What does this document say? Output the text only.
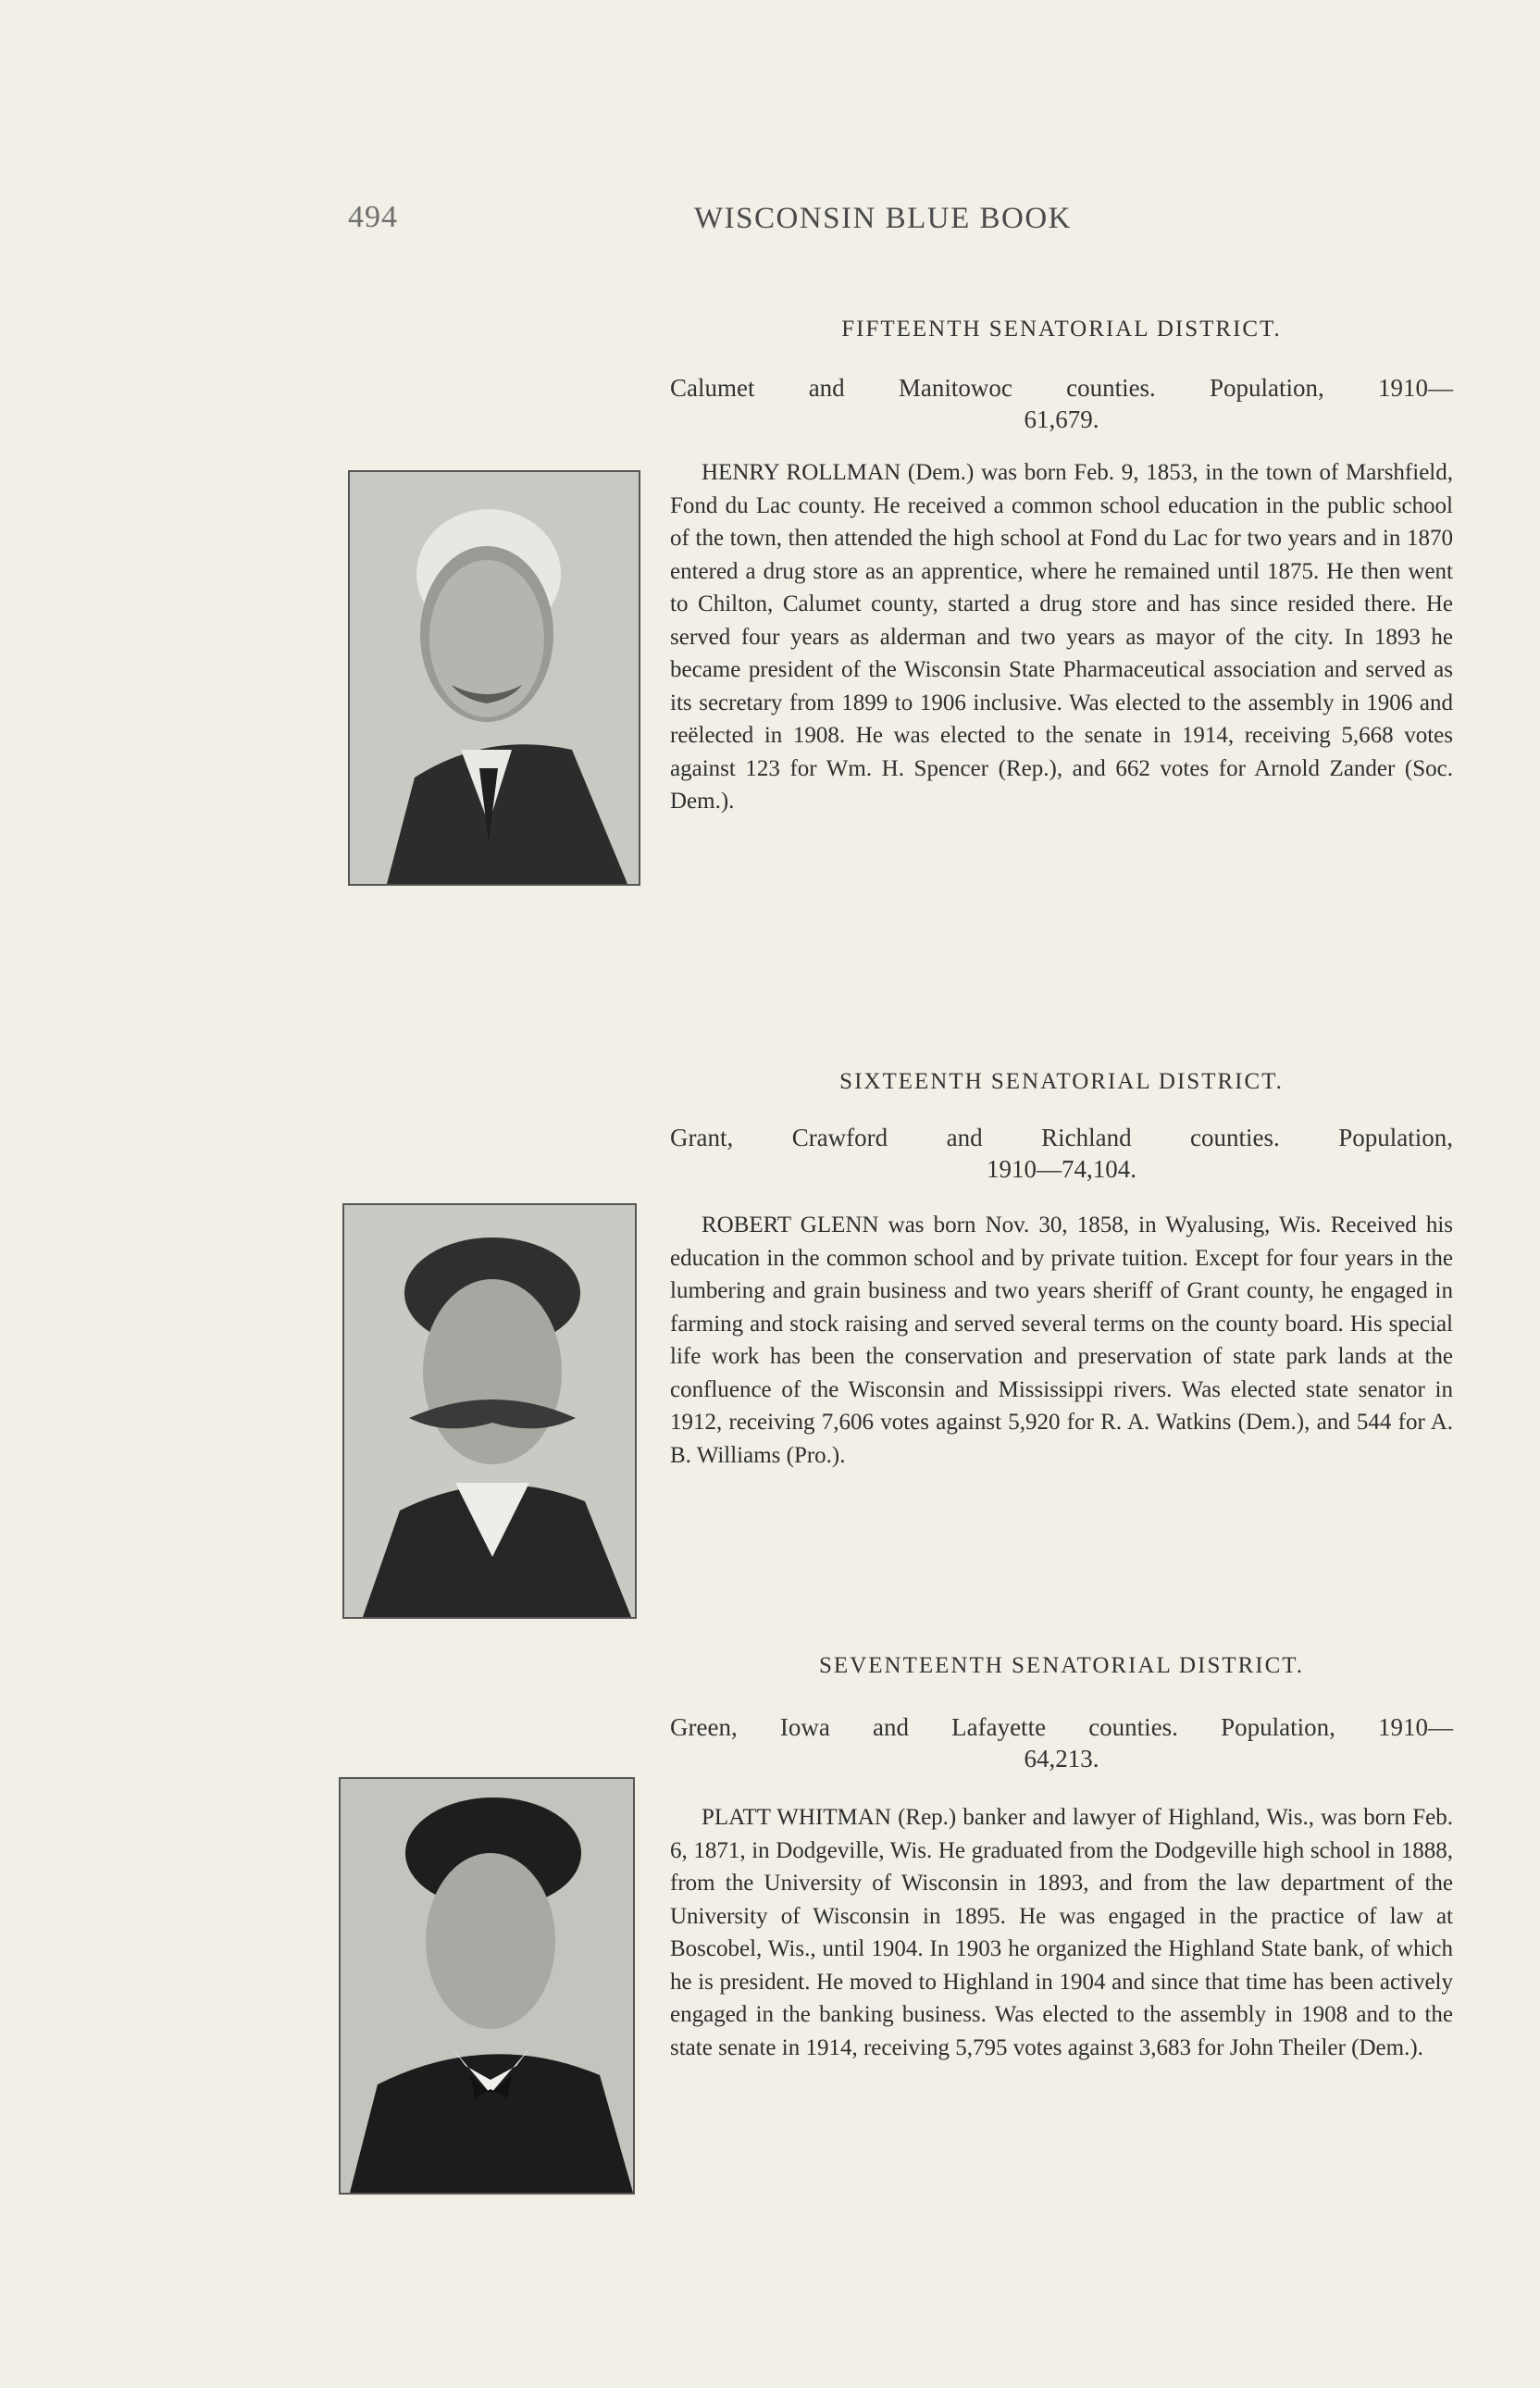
494	WISCONSIN BLUE BOOK
FIFTEENTH SENATORIAL DISTRICT.

Calumet and Manitowoc counties. Population, 1910—
61,679.

HENRY ROLLMAN (Dem.) was born Feb. 9, 1853, in the town of Marshfield, Fond du Lac county. He received a common school education in the public school of the town, then attended the high school at Fond du Lac for two years and in 1870 entered a drug store as an apprentice, where he remained until 1875. He then went to Chilton, Calumet county, started a drug store and has since resided there. He served four years as alderman and two years as mayor of the city. In 1893 he became president of the Wisconsin State Pharmaceutical association and served as its secretary from 1899 to 1906 inclusive. Was elected to the assembly in 1906 and reëlected in 1908. He was elected to the senate in 1914, receiving 5,668 votes against 123 for Wm. H. Spencer (Rep.), and 662 votes for Arnold Zander (Soc. Dem.).

SIXTEENTH SENATORIAL DISTRICT.

Grant, Crawford and Richland counties. Population,
1910—74,104.

ROBERT GLENN was born Nov. 30, 1858, in Wyalusing, Wis. Received his education in the common school and by private tuition. Except for four years in the lumbering and grain business and two years sheriff of Grant county, he engaged in farming and stock raising and served several terms on the county board. His special life work has been the conservation and preservation of state park lands at the confluence of the Wisconsin and Mississippi rivers. Was elected state senator in 1912, receiving 7,606 votes against 5,920 for R. A. Watkins (Dem.), and 544 for A. B. Williams (Pro.).

SEVENTEENTH SENATORIAL DISTRICT.

Green, Iowa and Lafayette counties. Population, 1910—
64,213.

PLATT WHITMAN (Rep.) banker and lawyer of Highland, Wis., was born Feb. 6, 1871, in Dodgeville, Wis. He graduated from the Dodgeville high school in 1888, from the University of Wisconsin in 1893, and from the law department of the University of Wisconsin in 1895. He was engaged in the practice of law at Boscobel, Wis., until 1904. In 1903 he organized the Highland State bank, of which he is president. He moved to Highland in 1904 and since that time has been actively engaged in the banking business. Was elected to the assembly in 1908 and to the state senate in 1914, receiving 5,795 votes against 3,683 for John Theiler (Dem.).
